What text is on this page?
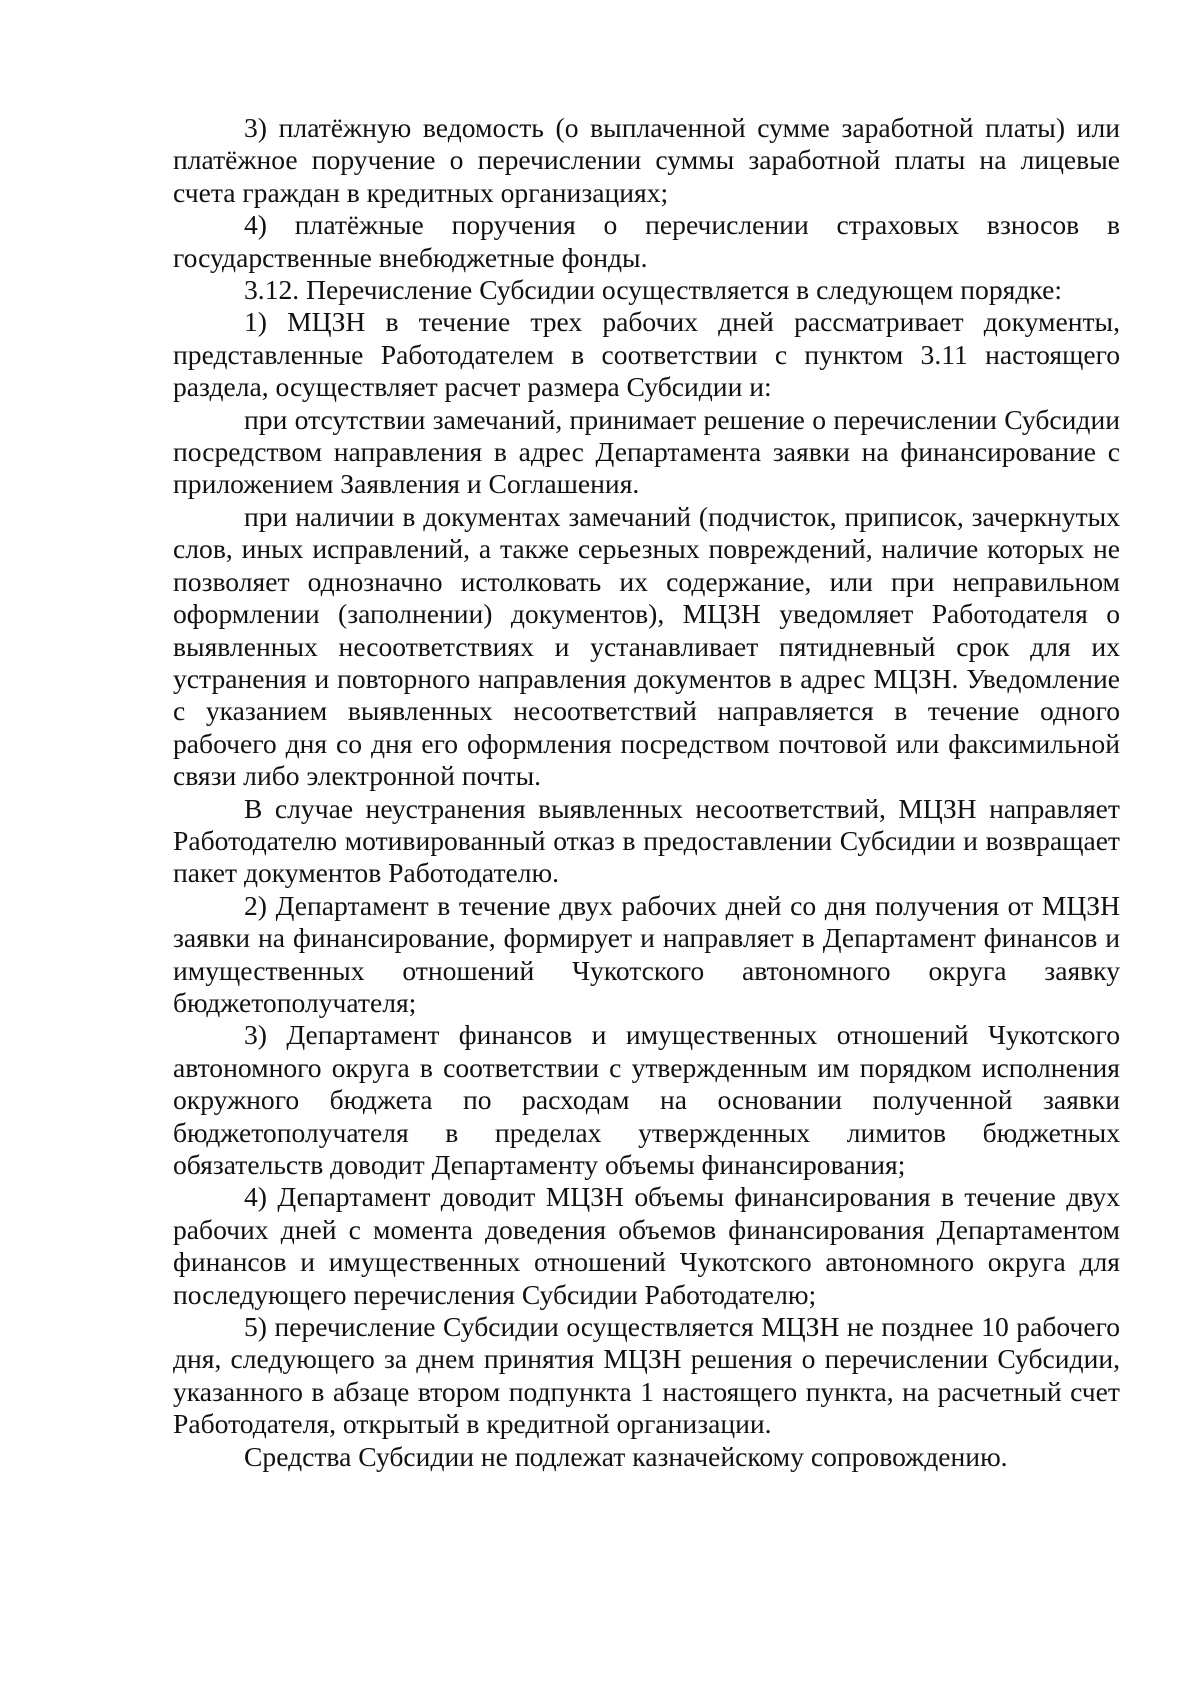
3) платёжную ведомость (о выплаченной сумме заработной платы) или платёжное поручение о перечислении суммы заработной платы на лицевые счета граждан в кредитных организациях;

4) платёжные поручения о перечислении страховых взносов в государственные внебюджетные фонды.

3.12. Перечисление Субсидии осуществляется в следующем порядке:

1) МЦЗН в течение трех рабочих дней рассматривает документы, представленные Работодателем в соответствии с пунктом 3.11 настоящего раздела, осуществляет расчет размера Субсидии и:

при отсутствии замечаний, принимает решение о перечислении Субсидии посредством направления в адрес Департамента заявки на финансирование с приложением Заявления и Соглашения.

при наличии в документах замечаний (подчисток, приписок, зачеркнутых слов, иных исправлений, а также серьезных повреждений, наличие которых не позволяет однозначно истолковать их содержание, или при неправильном оформлении (заполнении) документов), МЦЗН уведомляет Работодателя о выявленных несоответствиях и устанавливает пятидневный срок для их устранения и повторного направления документов в адрес МЦЗН. Уведомление с указанием выявленных несоответствий направляется в течение одного рабочего дня со дня его оформления посредством почтовой или факсимильной связи либо электронной почты.

В случае неустранения выявленных несоответствий, МЦЗН направляет Работодателю мотивированный отказ в предоставлении Субсидии и возвращает пакет документов Работодателю.

2) Департамент в течение двух рабочих дней со дня получения от МЦЗН заявки на финансирование, формирует и направляет в Департамент финансов и имущественных отношений Чукотского автономного округа заявку бюджетополучателя;

3) Департамент финансов и имущественных отношений Чукотского автономного округа в соответствии с утвержденным им порядком исполнения окружного бюджета по расходам на основании полученной заявки бюджетополучателя в пределах утвержденных лимитов бюджетных обязательств доводит Департаменту объемы финансирования;

4) Департамент доводит МЦЗН объемы финансирования в течение двух рабочих дней с момента доведения объемов финансирования Департаментом финансов и имущественных отношений Чукотского автономного округа для последующего перечисления Субсидии Работодателю;

5) перечисление Субсидии осуществляется МЦЗН не позднее 10 рабочего дня, следующего за днем принятия МЦЗН решения о перечислении Субсидии, указанного в абзаце втором подпункта 1 настоящего пункта, на расчетный счет Работодателя, открытый в кредитной организации.

Средства Субсидии не подлежат казначейскому сопровождению.
